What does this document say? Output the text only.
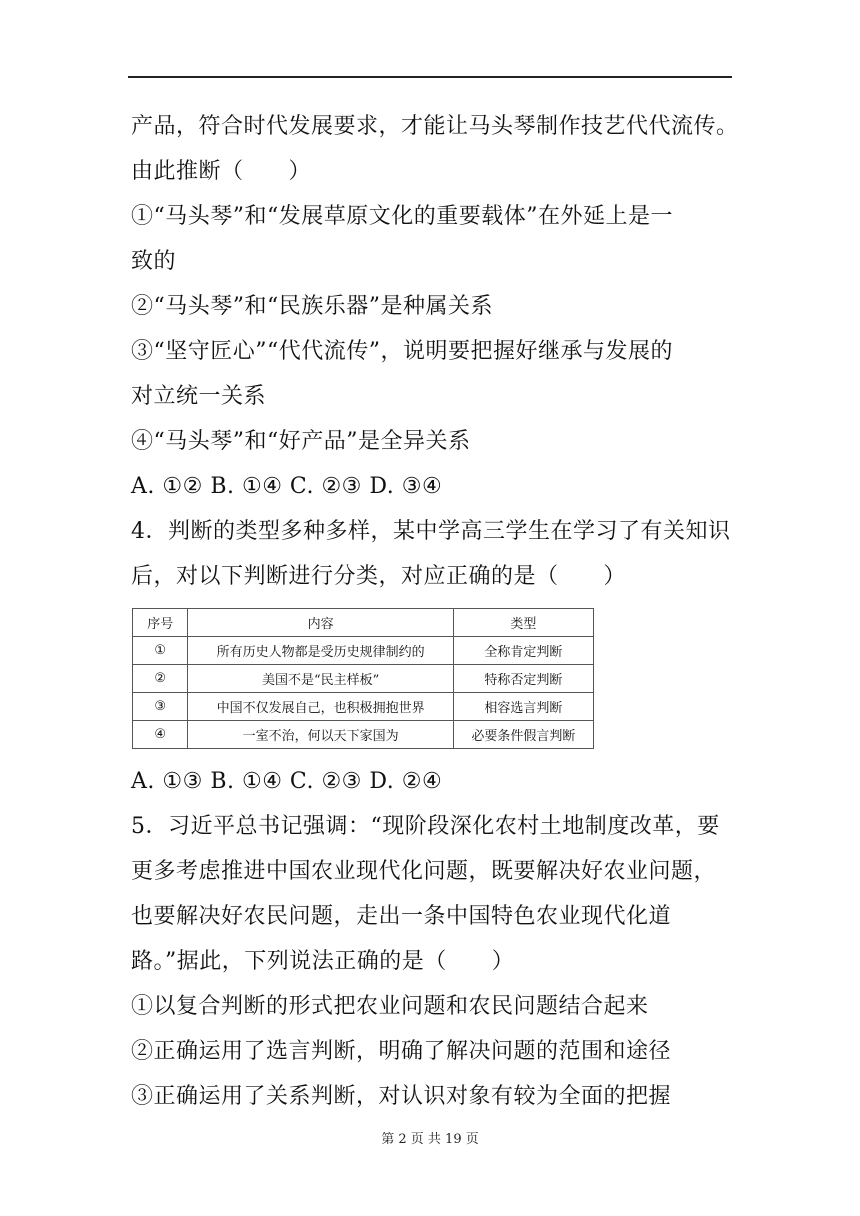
产品，符合时代发展要求，才能让马头琴制作技艺代代流传。
由此推断（　　）
①“马头琴”和“发展草原文化的重要载体”在外延上是一
致的
②“马头琴”和“民族乐器”是种属关系
③“坚守匠心”“代代流传”，说明要把握好继承与发展的
对立统一关系
④“马头琴”和“好产品”是全异关系
A. ①② B. ①④ C. ②③ D. ③④
4．判断的类型多种多样，某中学高三学生在学习了有关知识
后，对以下判断进行分类，对应正确的是（　　）
序号	内容	类型
①	所有历史人物都是受历史规律制约的	全称肯定判断
②	美国不是“民主样板”	特称否定判断
③	中国不仅发展自己，也积极拥抱世界	相容选言判断
④	一室不治，何以天下家国为	必要条件假言判断
A. ①③ B. ①④ C. ②③ D. ②④
5．习近平总书记强调：“现阶段深化农村土地制度改革，要
更多考虑推进中国农业现代化问题，既要解决好农业问题，
也要解决好农民问题，走出一条中国特色农业现代化道
路。”据此，下列说法正确的是（　　）
①以复合判断的形式把农业问题和农民问题结合起来
②正确运用了选言判断，明确了解决问题的范围和途径
③正确运用了关系判断，对认识对象有较为全面的把握
第 2 页 共 19 页
